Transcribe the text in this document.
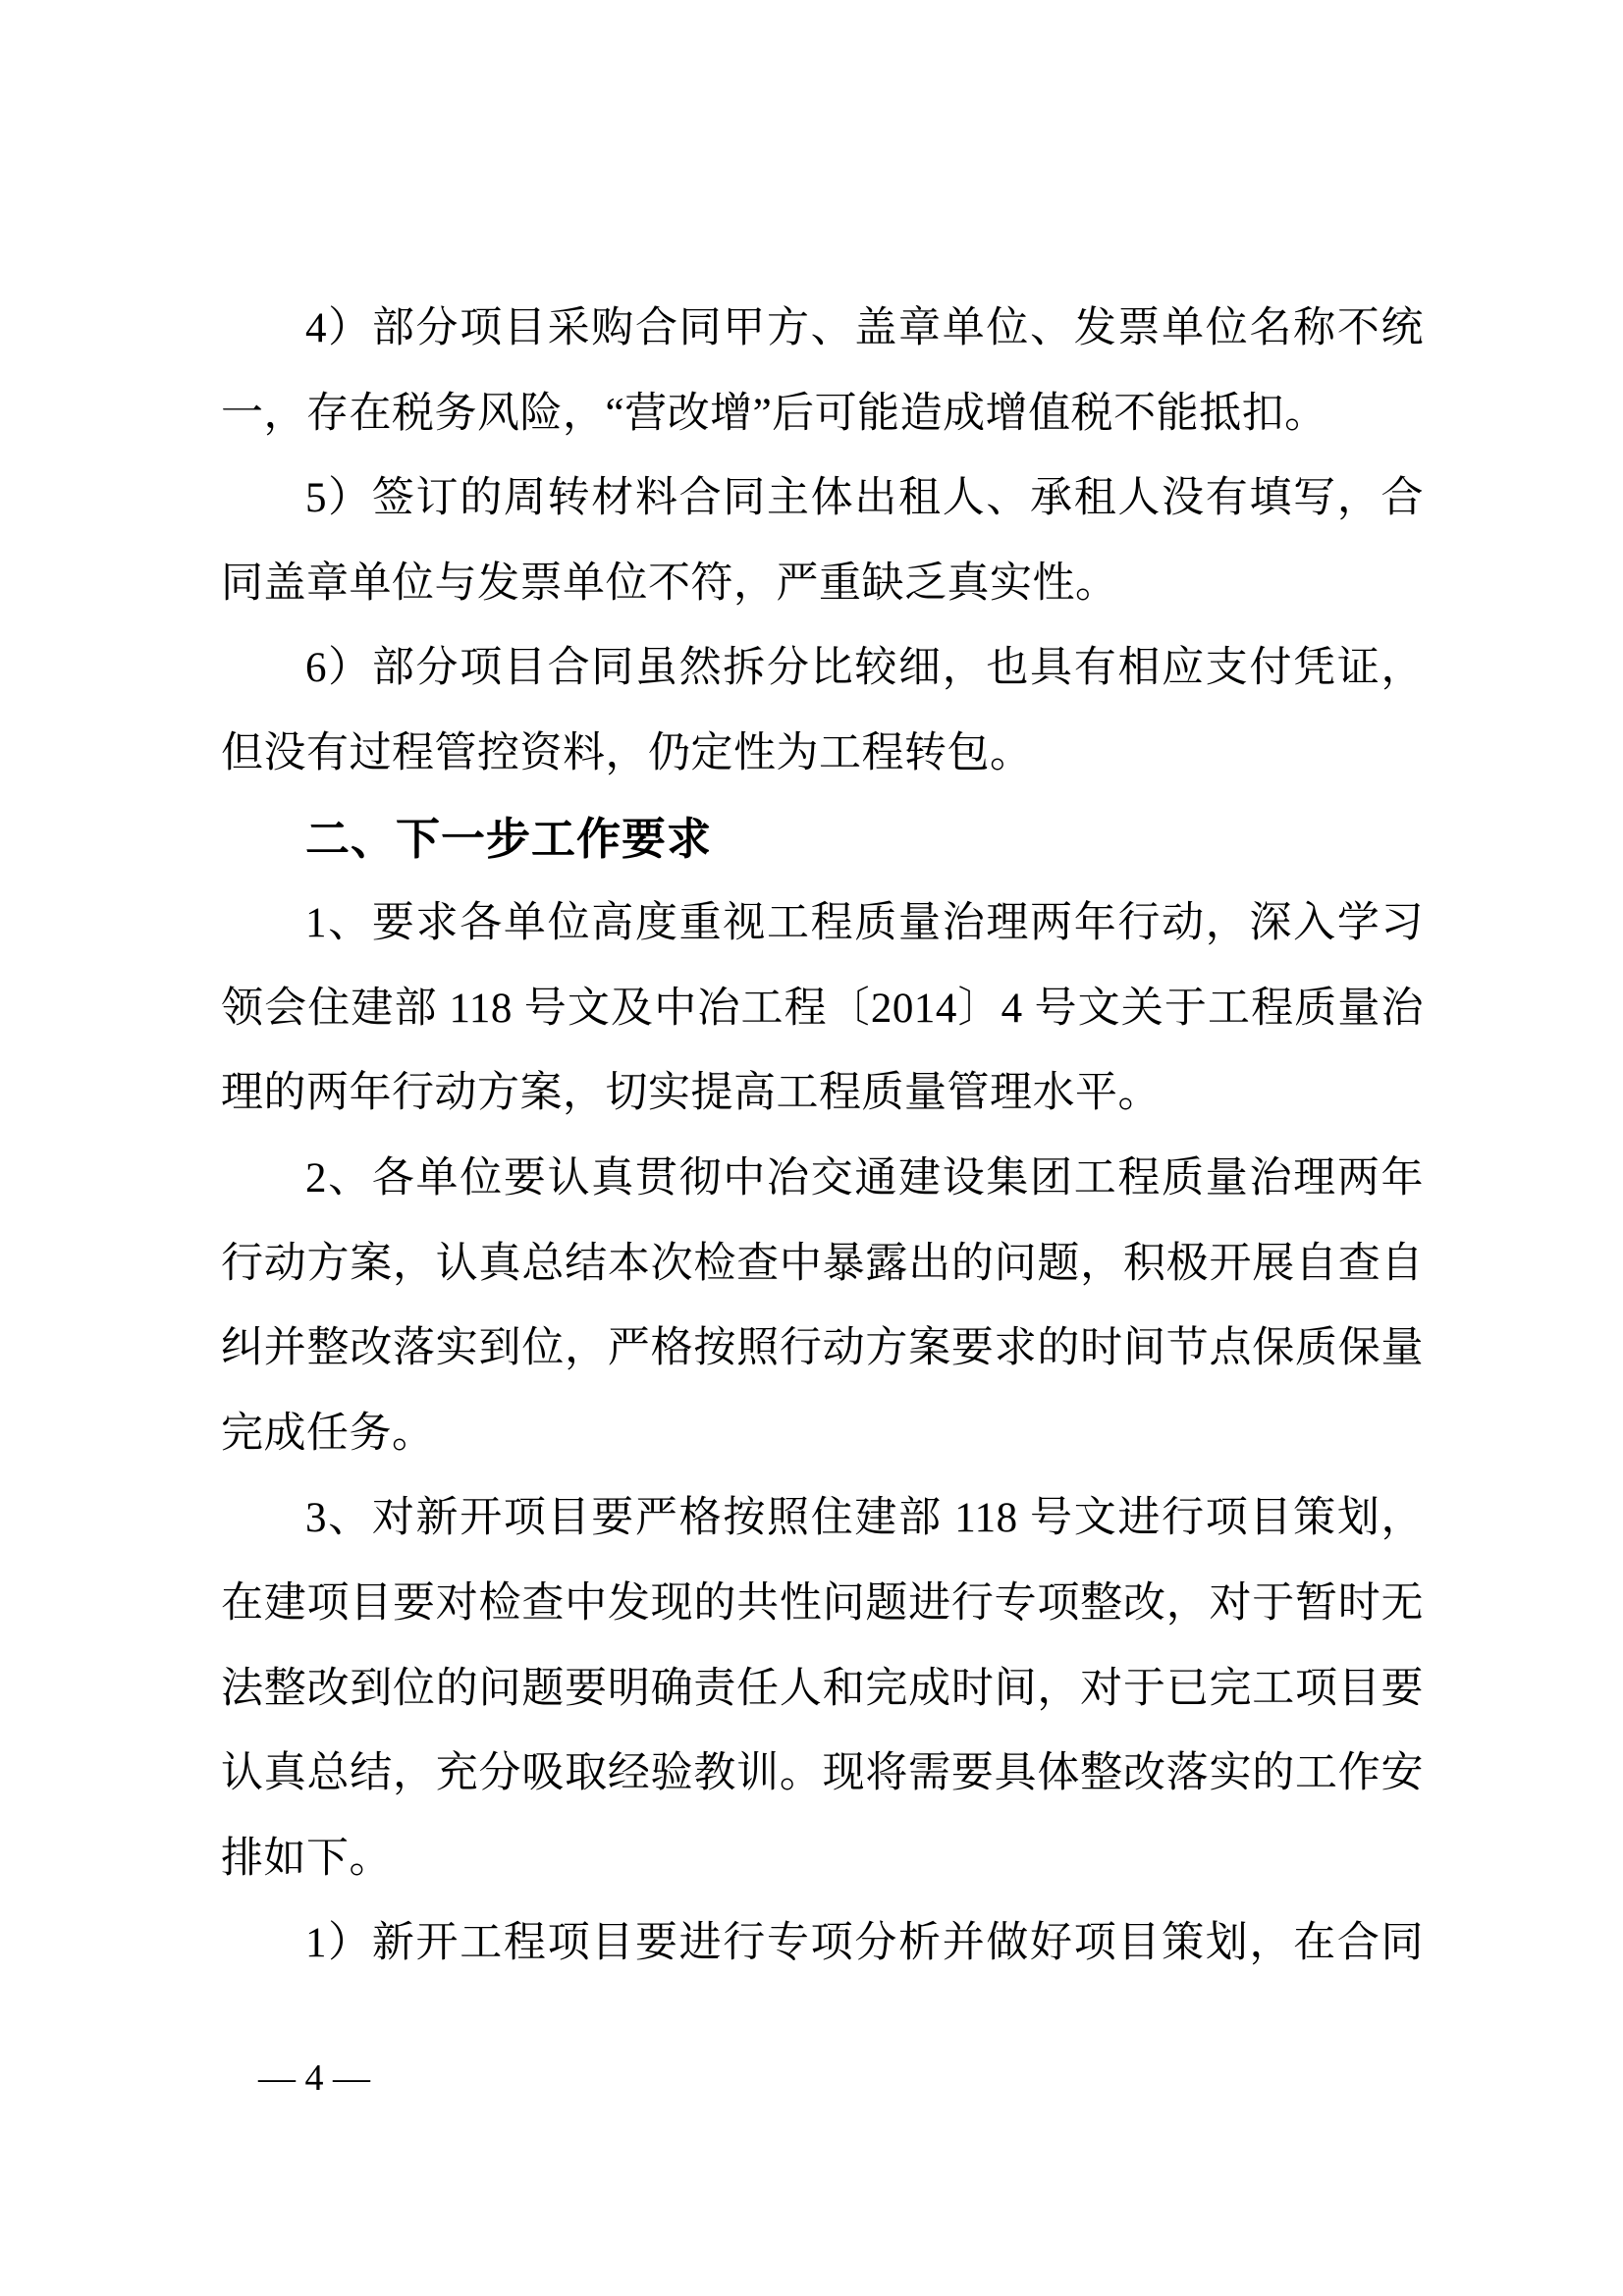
4）部分项目采购合同甲方、盖章单位、发票单位名称不统
一，存在税务风险，“营改增”后可能造成增值税不能抵扣。
5）签订的周转材料合同主体出租人、承租人没有填写，合
同盖章单位与发票单位不符，严重缺乏真实性。
6）部分项目合同虽然拆分比较细，也具有相应支付凭证，
但没有过程管控资料，仍定性为工程转包。
二、下一步工作要求
1、要求各单位高度重视工程质量治理两年行动，深入学习
领会住建部 118 号文及中冶工程〔2014〕4 号文关于工程质量治
理的两年行动方案，切实提高工程质量管理水平。
2、各单位要认真贯彻中冶交通建设集团工程质量治理两年
行动方案，认真总结本次检查中暴露出的问题，积极开展自查自
纠并整改落实到位，严格按照行动方案要求的时间节点保质保量
完成任务。
3、对新开项目要严格按照住建部 118 号文进行项目策划，
在建项目要对检查中发现的共性问题进行专项整改，对于暂时无
法整改到位的问题要明确责任人和完成时间，对于已完工项目要
认真总结，充分吸取经验教训。现将需要具体整改落实的工作安
排如下。
1）新开工程项目要进行专项分析并做好项目策划，在合同
— 4 —
